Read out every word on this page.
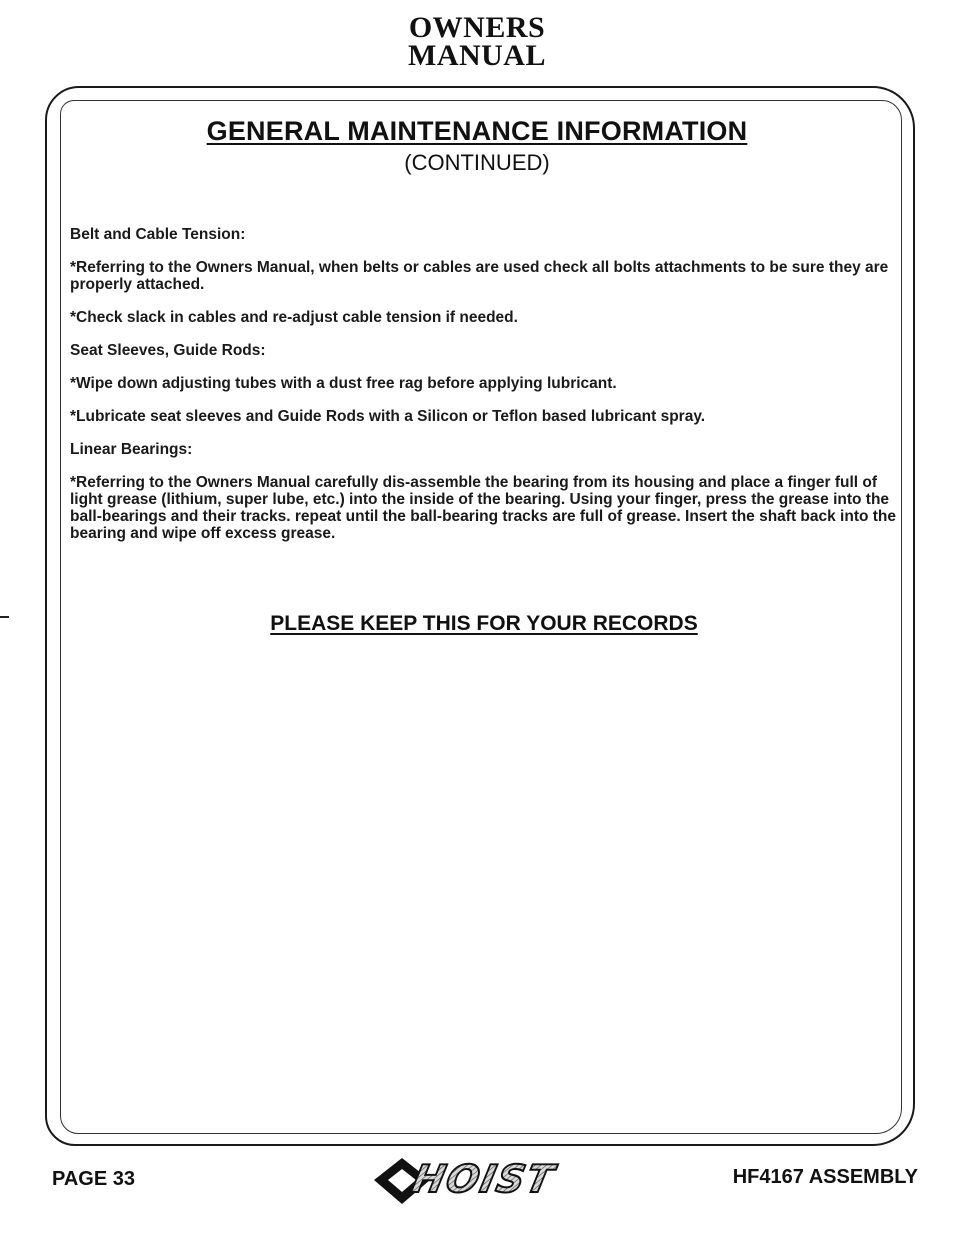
OWNERS
MANUAL
GENERAL MAINTENANCE INFORMATION
(CONTINUED)

Belt and Cable Tension:

*Referring to the Owners Manual, when belts or cables are used check all bolts attachments to be sure they are properly attached.

*Check slack in cables and re-adjust cable tension if needed.

Seat Sleeves, Guide Rods:

*Wipe down adjusting tubes with a dust free rag before applying lubricant.

*Lubricate seat sleeves and Guide Rods with a Silicon or Teflon based lubricant spray.

Linear Bearings:

*Referring to the Owners Manual carefully dis-assemble the bearing from its housing and place a finger full of light grease (lithium, super lube, etc.) into the inside of the bearing. Using your finger, press the grease into the ball-bearings and their tracks. repeat until the ball-bearing tracks are full of grease. Insert the shaft back into the bearing and wipe off excess grease.

PLEASE KEEP THIS FOR YOUR RECORDS
PAGE 33	HOIST	HF4167 ASSEMBLY
